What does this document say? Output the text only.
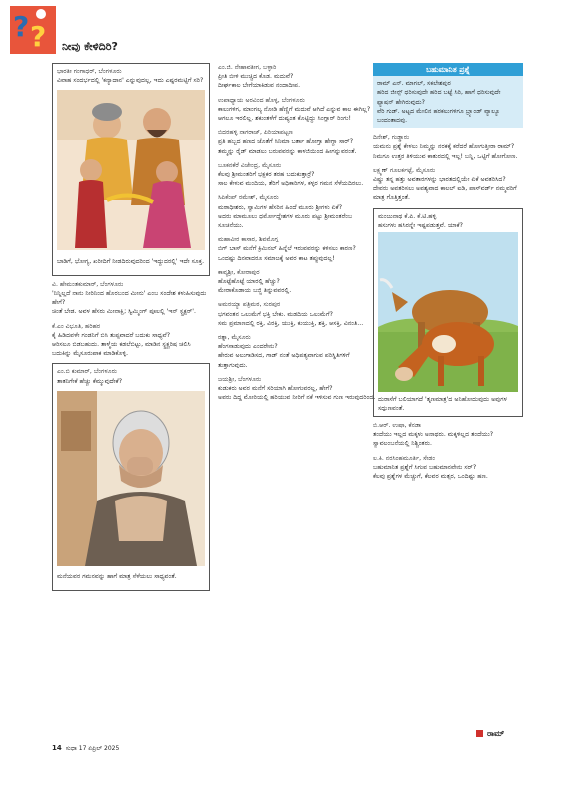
? ? ನೀವು ಕೇಳಿದಿರಿ?

ಭಾರತೀ ಗಂಗಾಧರ್, ಬೆಂಗಳೂರು

ವಿವಾಹ ಸಂದರ್ಭದಲ್ಲಿ 'ಕನ್ಯಾದಾನ' ಎನ್ನುವುದಲ್ಲ, ಇದು ಎಷ್ಟರಮಟ್ಟಿಗೆ ಸರಿ?

ಬಾಡಿಗೆ, ಭೋಗ್ಯ, ಖರೀದಿಗೆ ನೀಡದಿರುವುದರಿಂದ 'ಇದ್ದುದರಲ್ಲಿ' ಇದೇ ಸೂಕ್ತ.

ವಿ. ಹೇಮಂತಕುಮಾರ್, ಬೆಂಗಳೂರು

'ನಿನ್ನಿಲ್ಲದೆ ನಾನು ನೀರಿನಿಂದ ಹೊರಬಂದ ಮೀನು' ಎಂಬ ಸಂದೇಶ ಕಳುಹಿಸುವುದು ಹೇಗೆ?

ಚಿಂತೆ ಬೇಡ. ಅವಳ ಹೆಸರು ಮೀನಾಕ್ಷಿ; ಸ್ವಿಮ್ಮಿಂಗ್ ಪೂಲಲ್ಲಿ 'ಇನ್ ಸ್ಟ್ರಕ್ಟರ್'.

ಕೆ.ಎಂ ವಿಭೂತಿ, ಹರಿಹರ

ಕೈ ಹಿಡಿದವಳೇ ಗಂಡನಿಗೆ ಬಿಸಿ ತುಪ್ಪವಾದರೆ ಬದುಕು ಸಾಧ್ಯವೆ?

ಆರಿಸಲೂ ಬಿಡಬಹುದು. ತಾಳ್ಮೆಯ ಕಡಲೆಬಿಟ್ಟು, ಮಾಡಿನ ಸ್ಟ್ರಕ್ಚರಿಷ ಚಲಿಸಿ ಬದುಕಿನ್ನು ಮೈಸೂರುಪಾಕ ಮಾಡಿಕೊಳ್ಳಿ.

ಎಂ.ಬಿ ಕುಮಾರ್, ಬೆಂಗಳೂರು

ತಾತನಿಗೇಕೆ ಹೆಚ್ಚು ಕೆಮ್ಮುವುದೇಕೆ?

ಮನೆಯವರ ಗಮನವನ್ನು ಹಾಗೆ ಮಾತ್ರ ಸೆಳೆಯಲು ಸಾಧ್ಯವಂತೆ.

ಎಂ.ಜಿ. ನೇಹಾವತೀಗ, ಬಳ್ಳಾರಿ

ಪ್ರೀತಿ ಬೀಳಿ ಮುಚ್ಚಿದ ಕೊಡ. ಮದುವೆ?

ದೀರ್ಘಕಾಲ ಬೇಗೆಯಾಕಿಡುವ ನಂದಾದೀಪ.

ಉಪಾಧ್ಯಾಯ ಅರವಿಂದ ಹೊಳ್ಳ, ಬೆಂಗಳೂರು

ಕಾಲುಗಳಿಗ, ಮಾಂಗಲ್ಯ ನೋಡಿ ಹೆಣ್ಣಿಗೆ ಮದುವೆ ಆಗಿದೆ ಎನ್ನುವ ಕಾಲ ಈಗಿಲ್ಲ?

ಆಗಲೂ ಇರಲಿಲ್ಲ. ಶಕುಂತಳೆಗೆ ದುಷ್ಯಂತ ಕೊಟ್ಟಿದ್ದು ಸಿಂಗ್ಲಾರ್ ರಿಂಗು!

ಬಿದರಹಳ್ಳಿ ನಾಗರಾಜ್, ಪಿರಿಯಾಪಟ್ಟಣ

ಪ್ರತಿ ಹಬ್ಬದ ಹಣದ ಜೊತೆಗೆ ಸಿನಿಮಾ ಬರ್ತಾ ಹೋಗ್ತಾ ಹೇಗ್ದಾ ಸಾರ್?

ತಮ್ಮನ್ನು ರೈಡ್ ಮಾಡಲು ಬರುವವರನ್ನು ಕಾಳಜಿಯಿಂದ ಹೀಗನ್ನುವರಂತೆ.

ಬೂಕನಕೆರೆ ವಿಜೇಂದ್ರ, ಮೈಸೂರು

ಕೆಲವು ಶ್ರೀಮಂತರಿಗೆ ಭಕ್ಷಕರ ತರಹ ಬದುಕುತ್ತಾರ್ರೆ?

ಸಾಲ ಕೇಳುವ ಮಂದಿಯ, ತೆರಿಗೆ ಅಧಿಕಾರಿಗಳ, ಕಳ್ಳರ ಗಮನ ಸೆಳೆಯದಿರಲು.

ಸಿಪಿಕೆಂಪ್ ರಮೇಶ್, ಮೈಸೂರು

ಮಠಾಧೀಶರು, ಸ್ವಾಮಿಗಳ ಹೆಸರಿನ ಹಿಂದೆ ಮೂರು ಶ್ರೀಗಳು ಏಕೆ?

ಅದರು ಮಾಮೂಲು ಧರ್ಮೋದ್ದೇಶಗಳ ಮೂರು ಪಟ್ಟು ಶ್ರೀಮಂತರೆಂಬ ಸೂಚನೆಯು.

ಮಹಾವೀರ ಕಾಸಾರ, ಶಿವಮೊಗ್ಗ

ಬಿಗ್ ಬಾಸ್ ಮನೆಗೆ ಕ್ರಿಮಿನಲ್ ಹಿನ್ನೆಲೆ ಇರುವವರನ್ನು ಕಳಿಸಲು ಕಾರಣ?

ಒಂದಷ್ಟು ದಿನವಾದರೂ ಸಮಾಜಕ್ಕೆ ಅವರ ಕಾಟ ತಪ್ಪುವುದಲ್ಲ!

ಕಾವ್ಯಶ್ರೀ, ಕೋರಾಪುರ

ಹೊಟ್ಟೆಹೊಟ್ಟೆ ಯಾರಲ್ಲಿ ಹೆಚ್ಚು?

ಮೇರಾಕೊಡಾಯ ಬಜ್ಜಿ ತಿನ್ನುವವರಲ್ಲಿ.

ಅಮರಯ್ಯಾ ಪತ್ರಿಮಠ, ಸುರಪುರ

ಭಗವಂತನ ಒಲುಮೆಗೆ ಭಕ್ತಿ ಬೇಕು. ಮಡದಿಯ ಒಲುಮೆಗೆ?

ಸಮ ಪ್ರಮಾಣದಲ್ಲಿ ರಕ್ತಿ, ವಿರಕ್ತಿ, ಯುಕ್ತಿ, ಕುಯುಕ್ತಿ, ಶಕ್ತಿ, ಆಸಕ್ತಿ, ವಿನಂತಿ...

ರತ್ನಾ, ಮೈಸೂರು

ಹೆಂಗಸಾಡುವುದು ಎಂದರೇನು?

ಹೇರುವ ಅಲುಗಾಡಿಸದ, ಗಾಡ್ ನಂತೆ ಅಧಿಪತ್ಯವಾಗುವ ಪರಿಸ್ಥಿತಿಗಳಿಗೆ ತುತ್ತಾಗುವುದು.

ಜಯಶ್ರೀ, ಬೆಂಗಳೂರು

ಕುಡುಕರು ಅವರ ಮನೆಗೆ ಸರಿಯಾಗಿ ಹೋಗುವರಲ್ಲ, ಹೇಗೆ?

ಅವರು ದಿದ್ದ ಮೋರಿಯಲ್ಲಿ ಹರಿಯುವ ನೀರಿಗೆ ನಕೆ ಇಳಿಸುವ ಗುಣ ಇರುವುದರಿಂದ.

ಬಹುಮಾನಿತ ಪ್ರಶ್ನೆ

ರಾಮ್‌ ಎನ್. ಮಾಗಲ್, ಸಕಲೇಶಪುರ

ಹರಿದ ಜೀನ್ಸ್ ಧರಿಸುವುದೇ ಹರಿದ ಬಟ್ಟೆ ಸಿರಿ, ಹಾಗೆ ಧರಿಸುವುದೇ ಫ್ಯಾಷನ್ ಹೇಗಿರುವುದು?

ವೆರಿ ಗುಡ್. ಅಟ್ಟದ ಮೇಲಿನ ಹರಕಲುಗಳಿಗೂ ಬ್ರ್ಯಾಂಡ್ ವ್ಯಾಲ್ಯೂ ಬಂದಂತಾದವು.

ದಿನೇಶ್, ಗುಡ್ಡಾರು

ಯಮನು ಪ್ರಶ್ನೆ ಕೇಳಲು ನಿಮ್ಮನ್ನು ನರಕಕ್ಕೆ ಕರೆದರೆ ಹೋಗುತ್ತೀರಾ ರಾಮ್?

ನಿಮಗೂ ಉತ್ತರ ತಿಳಿಯುವ ಕಾತುರದಲ್ಲಿ ಇಲ್ಲ! ಬನ್ನಿ, ಒಟ್ಟಿಗೆ ಹೋಗೋಣ.

ಲಕ್ಷ್ಮಣ್ ಗೂಲರ್ಕಟ್ಟೆ, ಮೈಸೂರು

ವಿಷ್ಣು ತನ್ನ ಹತ್ತು ಅವತಾರಗಳನ್ನು ಭಾರತದಲ್ಲಿಯೇ ಏಕೆ ಅವತರಿಸಿದ?

ದೇವರು ಅವತರಿಸಲು ಅವಶ್ಯವಾದ ಕಾಲಲ್ ಐಡಿ, ಪಾಸ್‌ವರ್ಡ್ ನಮ್ಮವರಿಗೆ ಮಾತ್ರ ಗೊತ್ತಿತ್ತಂತೆ.

ಮಂಜುನಾಥ ಕೆ.ಪಿ. ಕೆ.ಟಿ.ಹಳ್ಳಿ

ಹಸುಗಳು ಹಸಿರನ್ನೇ ಇಷ್ಟಪಡುತ್ತವೆ. ಯಾಕೆ?

ದುರಾಸೆಗೆ ಬಲಿಯಾಗದೆ 'ತೃಣಮಾತ್ರ'ದ ಅನಿಹೋದುವುದು ಅವುಗಳ ಸದ್ಗುಣವಂತೆ.

ಬಿ.ಆರ್. ಉಷಾ, ಕೆನಡಾ

ತಂದೆಯು ಇಲ್ಲದ ಮಕ್ಕಳು ಅನಾಥರು. ಮಕ್ಕಳಿಲ್ಲದ ತಂದೆಯು?

ಸ್ವಾವಲಂಬನೆಯಲ್ಲಿ ನಿಶ್ಚಿಂತರು.

ಲ.ಕಿ. ನರಸಿಂಹಮೂರ್ತಿ, ಸೇಡಂ

ಬಹುಮಾನಿತ ಪ್ರಶ್ನೆಗೆ ಸಿಗುವ ಬಹುಮಾನವೇನು ಸರ್?

ಕೆಲವು ಪ್ರಶ್ನೆಗಳ ಮೆಚ್ಚುಗೆ, ಕೆಲವರ ಮತ್ಸರ, ಒಂದಿಷ್ಟು ಹಣ.

ರಾಮ್
14 ಸುಧಾ 17 ಏಪ್ರಿಲ್ 2025
